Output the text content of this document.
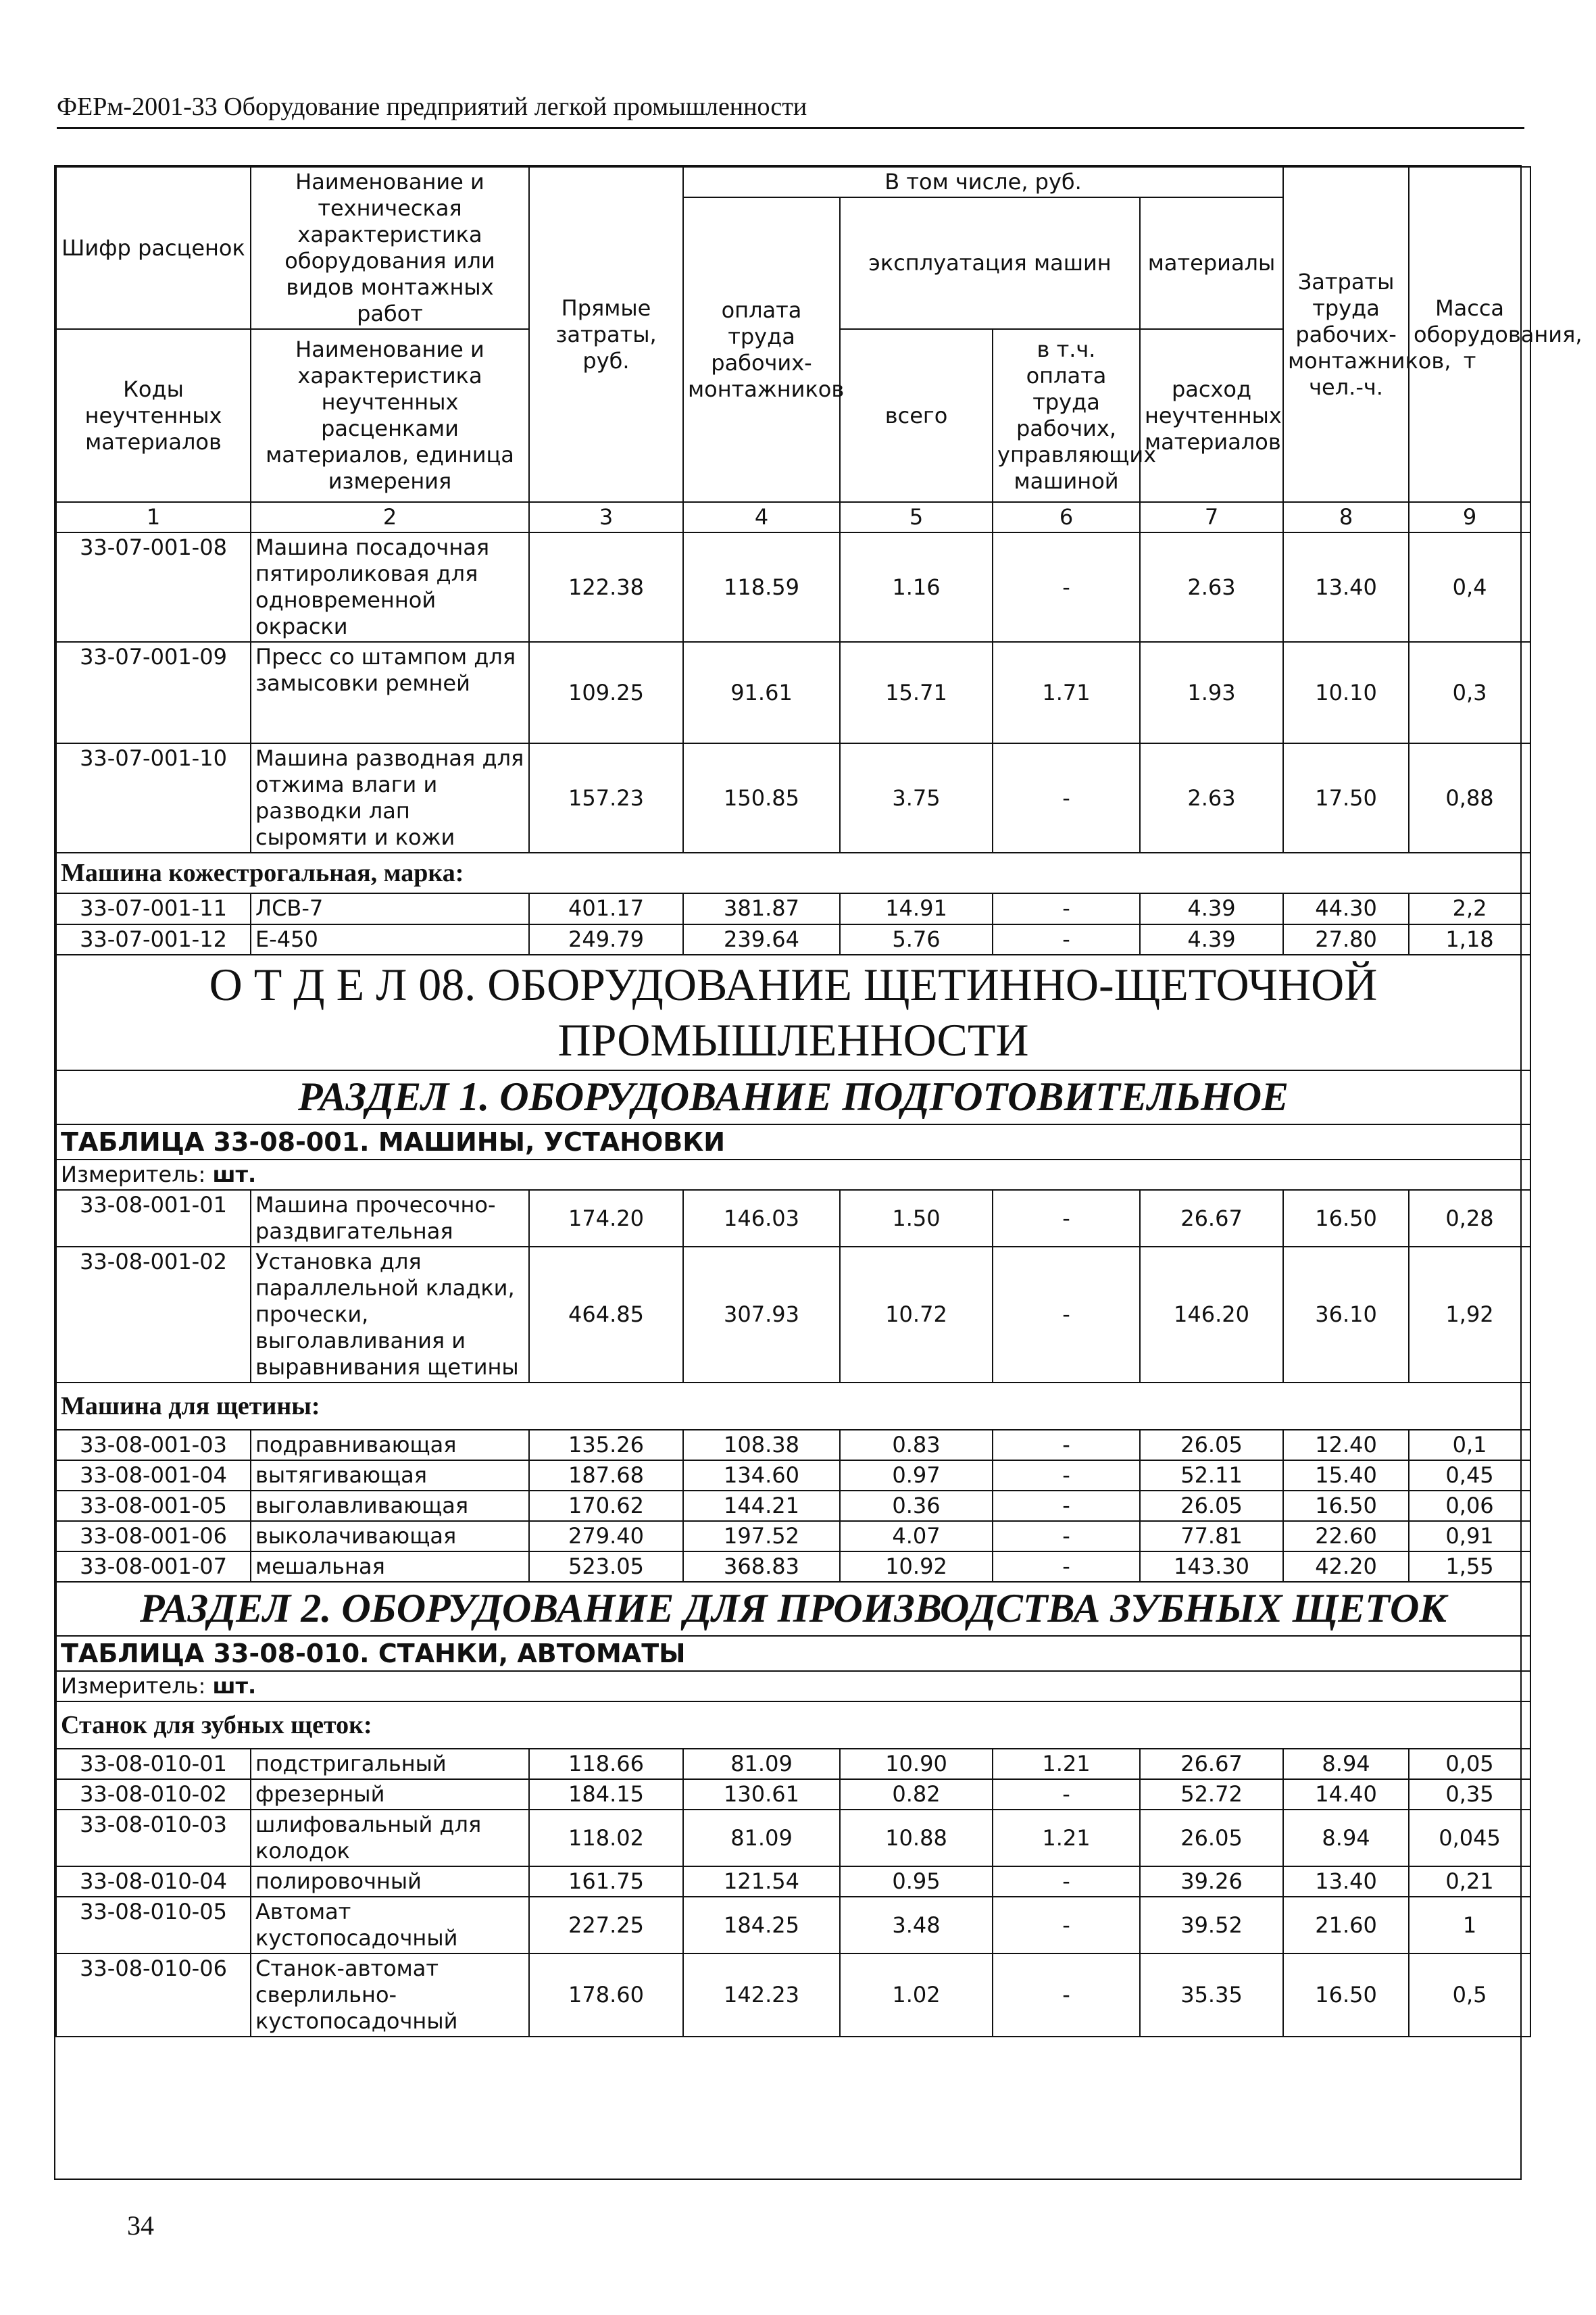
ФЕРм-2001-33 Оборудование предприятий легкой промышленности
Шифр расценок	Наименование и техническая характеристика оборудования или видов монтажных работ	Прямые затраты, руб.	В том числе, руб.				Затраты труда рабочих-монтажников, чел.-ч.	Масса оборудования, т
			оплата труда рабочих-монтажников	эксплуатация машин		материалы		
Коды неучтенных материалов	Наименование и характеристика неучтенных расценками материалов, единица измерения			всего	в т.ч. оплата труда рабочих, управляющих машиной	расход неучтенных материалов		

1	2	3	4	5	6	7	8	9
33-07-001-08	Машина посадочная пятироликовая для одновременной окраски	122.38	118.59	1.16	-	2.63	13.40	0,4
33-07-001-09	Пресс со штампом для замысовки ремней	109.25	91.61	15.71	1.71	1.93	10.10	0,3
33-07-001-10	Машина разводная для отжима влаги и разводки лап сыромяти и кожи	157.23	150.85	3.75	-	2.63	17.50	0,88
Машина кожестрогальная, марка:								
33-07-001-11	ЛСВ-7	401.17	381.87	14.91	-	4.39	44.30	2,2
33-07-001-12	Е-450	249.79	239.64	5.76	-	4.39	27.80	1,18
О Т Д Е Л 08. ОБОРУДОВАНИЕ ЩЕТИННО-ЩЕТОЧНОЙ ПРОМЫШЛЕННОСТИ								
РАЗДЕЛ 1. ОБОРУДОВАНИЕ ПОДГОТОВИТЕЛЬНОЕ								
ТАБЛИЦА 33-08-001. МАШИНЫ, УСТАНОВКИ								
Измеритель: шт.								
33-08-001-01	Машина прочесочно-раздвигательная	174.20	146.03	1.50	-	26.67	16.50	0,28
33-08-001-02	Установка для параллельной кладки, прочески, выголавливания и выравнивания щетины	464.85	307.93	10.72	-	146.20	36.10	1,92
Машина для щетины:								
33-08-001-03	подравнивающая	135.26	108.38	0.83	-	26.05	12.40	0,1
33-08-001-04	вытягивающая	187.68	134.60	0.97	-	52.11	15.40	0,45
33-08-001-05	выголавливающая	170.62	144.21	0.36	-	26.05	16.50	0,06
33-08-001-06	выколачивающая	279.40	197.52	4.07	-	77.81	22.60	0,91
33-08-001-07	мешальная	523.05	368.83	10.92	-	143.30	42.20	1,55
РАЗДЕЛ 2. ОБОРУДОВАНИЕ ДЛЯ ПРОИЗВОДСТВА ЗУБНЫХ ЩЕТОК								
ТАБЛИЦА 33-08-010. СТАНКИ, АВТОМАТЫ								
Измеритель: шт.								
Станок для зубных щеток:								
33-08-010-01	подстригальный	118.66	81.09	10.90	1.21	26.67	8.94	0,05
33-08-010-02	фрезерный	184.15	130.61	0.82	-	52.72	14.40	0,35
33-08-010-03	шлифовальный для колодок	118.02	81.09	10.88	1.21	26.05	8.94	0,045
33-08-010-04	полировочный	161.75	121.54	0.95	-	39.26	13.40	0,21
33-08-010-05	Автомат кустопосадочный	227.25	184.25	3.48	-	39.52	21.60	1
33-08-010-06	Станок-автомат сверлильно-кустопосадочный	178.60	142.23	1.02	-	35.35	16.50	0,5
34
